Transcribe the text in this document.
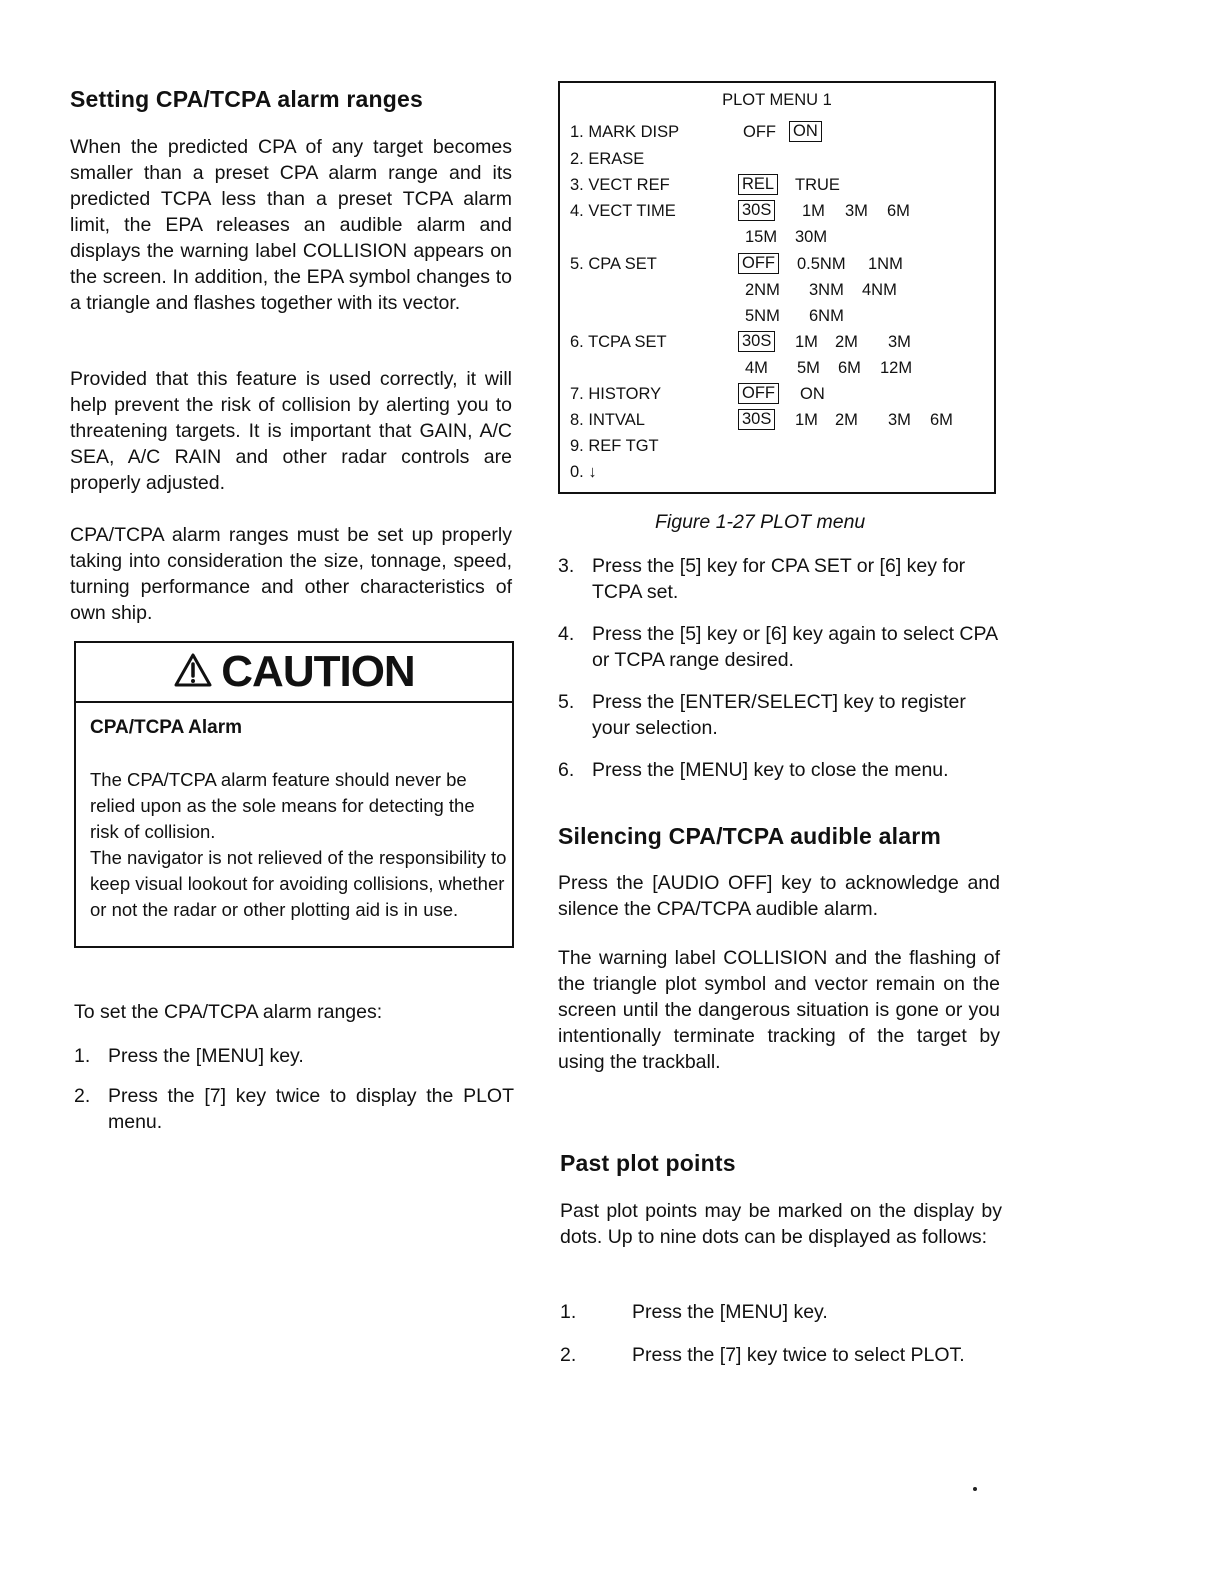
Setting CPA/TCPA alarm ranges

When the predicted CPA of any target becomes smaller than a preset CPA alarm range and its predicted TCPA less than a preset TCPA alarm limit, the EPA releases an audible alarm and displays the warning label COLLISION appears on the screen. In addition, the EPA symbol changes to a triangle and flashes together with its vector.

Provided that this feature is used correctly, it will help prevent the risk of collision by alerting you to threatening targets. It is important that GAIN, A/C SEA, A/C RAIN and other radar controls are properly adjusted.

CPA/TCPA alarm ranges must be set up properly taking into consideration the size, tonnage, speed, turning performance and other characteristics of own ship.

CAUTION
CPA/TCPA Alarm
The CPA/TCPA alarm feature should never be relied upon as the sole means for detecting the risk of collision.
The navigator is not relieved of the responsibility to keep visual lookout for avoiding collisions, whether or not the radar or other plotting aid is in use.
To set the CPA/TCPA alarm ranges:
1. Press the [MENU] key.
2. Press the [7] key twice to display the PLOT menu.
PLOT MENU 1
1. MARK DISP
2. ERASE
3. VECT REF
4. VECT TIME
5. CPA SET
6. TCPA SET
7. HISTORY
8. INTVAL
9. REF TGT
0. ↓
OFF ON
REL TRUE
30S 1M 3M 6M
15M 30M
OFF 0.5NM 1NM
2NM 3NM 4NM
5NM 6NM
30S 1M 2M 3M
4M 5M 6M 12M
OFF ON
30S 1M 2M 3M 6M
Figure 1-27 PLOT menu
3. Press the [5] key for CPA SET or [6] key for TCPA set.
4. Press the [5] key or [6] key again to select CPA or TCPA range desired.
5. Press the [ENTER/SELECT] key to register your selection.
6. Press the [MENU] key to close the menu.
Silencing CPA/TCPA audible alarm

Press the [AUDIO OFF] key to acknowledge and silence the CPA/TCPA audible alarm.

The warning label COLLISION and the flashing of the triangle plot symbol and vector remain on the screen until the dangerous situation is gone or you intentionally terminate tracking of the target by using the trackball.

Past plot points

Past plot points may be marked on the display by dots. Up to nine dots can be displayed as follows:

1.	Press the [MENU] key.
2.	Press the [7] key twice to select PLOT.
